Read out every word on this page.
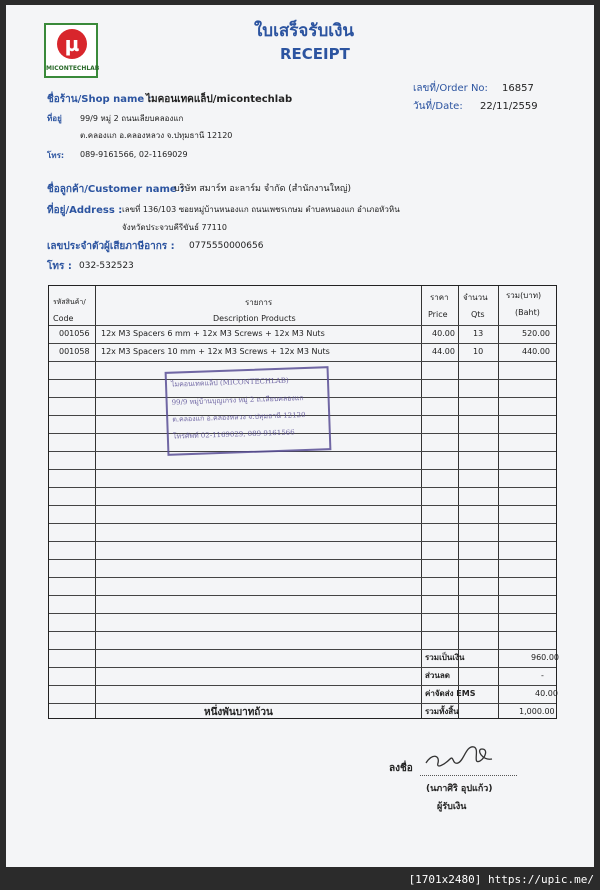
µ
MICONTECHLAB
ใบเสร็จรับเงิน
RECEIPT
เลขที่/Order No: 16857
วันที่/Date: 22/11/2559
ชื่อร้าน/Shop name :
ไมคอนเทคแล็ป/micontechlab
ที่อยู่ 99/9 หมู่ 2 ถนนเลียบคลองแก
ต.คลองแก อ.คลองหลวง จ.ปทุมธานี 12120
โทร: 089-9161566, 02-1169029
ชื่อลูกค้า/Customer name :
บริษัท สมาร์ท อะลาร์ม จำกัด (สำนักงานใหญ่)
ที่อยู่/Address : เลขที่ 136/103 ซอยหมู่บ้านหนองแก ถนนเพชรเกษม ตำบลหนองแก อำเภอหัวหิน
จังหวัดประจวบคีรีขันธ์ 77110
เลขประจำตัวผู้เสียภาษีอากร : 0775550000656
โทร : 032-532523
รหัสสินค้า/
Code
รายการ
Description Products
ราคา
Price
จำนวน
Qts
รวม(บาท)
(Baht)
001056 12x M3 Spacers 6 mm + 12x M3 Screws + 12x M3 Nuts	40.00 13	520.00
001058 12x M3 Spacers 10 mm + 12x M3 Screws + 12x M3 Nuts	44.00 10	440.00
หนึ่งพันบาทถ้วน
รวมเป็นเงิน	960.00
ส่วนลด	-
ค่าจัดส่ง EMS	40.00
รวมทั้งสิ้น	1,000.00
ไมคอนเทคแล็ป (MICONTECHLAB)
99/9 หมู่บ้านบุญเกรง หมู่ 2 ถ.เลียบคลองแก
ต.คลองแก อ.คลองหลวง จ.ปทุมธานี 12120
โทรศัพท์ 02-1169029, 089-9161566
ลงชื่อ
(นภาศิริ อุปแก้ว)
ผู้รับเงิน
[1701x2480] https://upic.me/
